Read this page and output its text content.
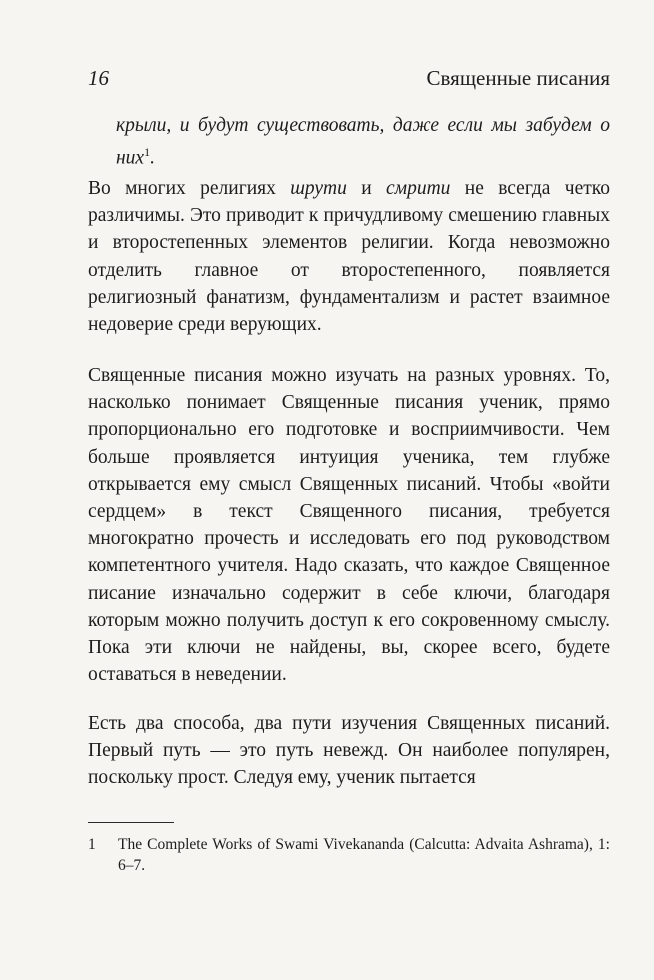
16	Священные писания
крыли, и будут существовать, даже если мы забудем о них$^1$.

Во многих религиях шрути и смрити не всегда четко различимы. Это приводит к причудливому смешению главных и второстепенных элементов религии. Когда невозможно отделить главное от второстепенного, появляется религиозный фанатизм, фундаментализм и растет взаимное недоверие среди верующих.

Священные писания можно изучать на разных уровнях. То, насколько понимает Священные писания ученик, прямо пропорционально его подготовке и восприимчивости. Чем больше проявляется интуиция ученика, тем глубже открывается ему смысл Священных писаний. Чтобы «войти сердцем» в текст Священного писания, требуется многократно прочесть и исследовать его под руководством компетентного учителя. Надо сказать, что каждое Священное писание изначально содержит в себе ключи, благодаря которым можно получить доступ к его сокровенному смыслу. Пока эти ключи не найдены, вы, скорее всего, будете оставаться в неведении.

Есть два способа, два пути изучения Священных писаний. Первый путь — это путь невежд. Он наиболее популярен, поскольку прост. Следуя ему, ученик пытается

1 The Complete Works of Swami Vivekananda (Calcutta: Advaita Ashrama), 1: 6–7.
